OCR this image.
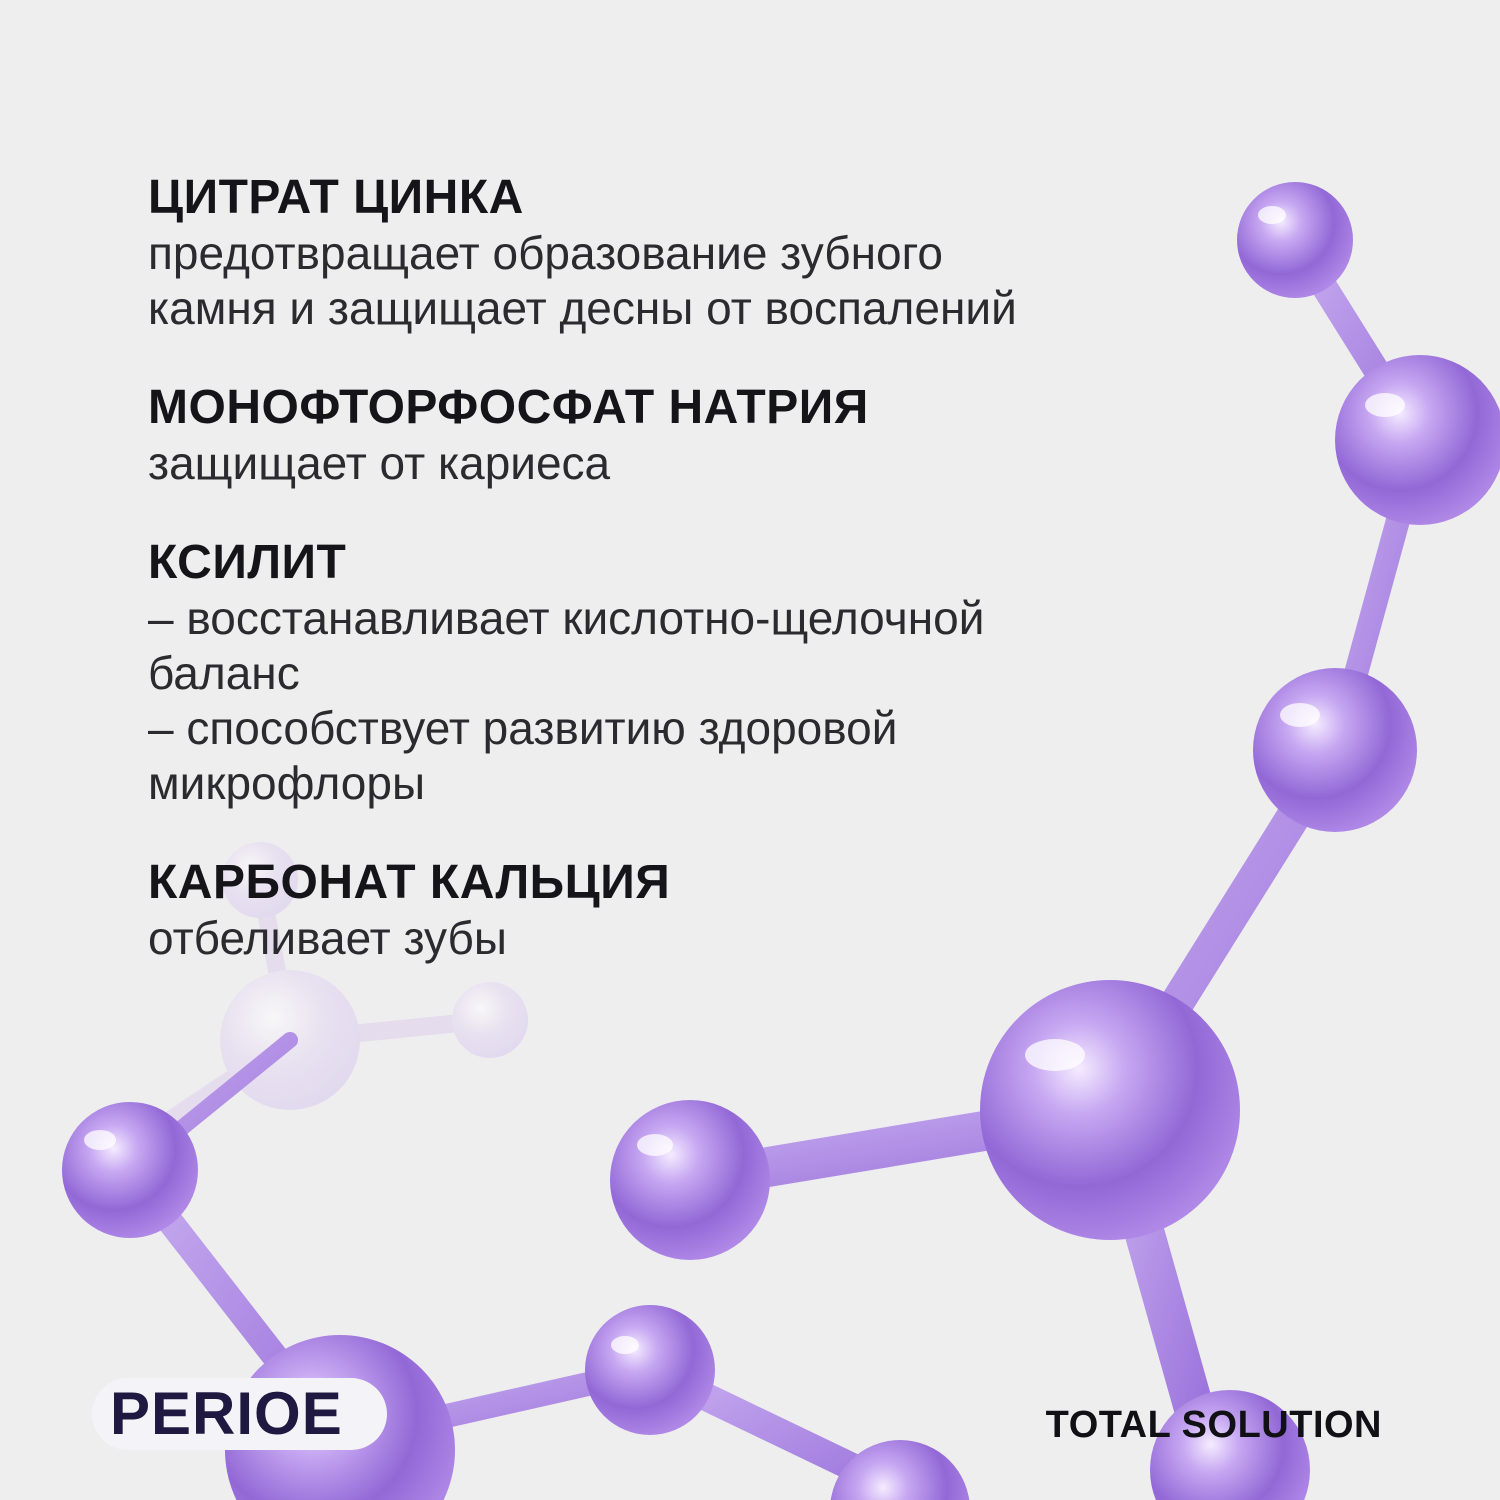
ЦИТРАТ ЦИНКА
предотвращает образование зубного
камня и защищает десны от воспалений
МОНОФТОРФОСФАТ НАТРИЯ
защищает от кариеса
КСИЛИТ
– восстанавливает кислотно-щелочной
баланс
– способствует развитию здоровой
микрофлоры
КАРБОНАТ КАЛЬЦИЯ
отбеливает зубы
PERIOE	TOTAL SOLUTION
